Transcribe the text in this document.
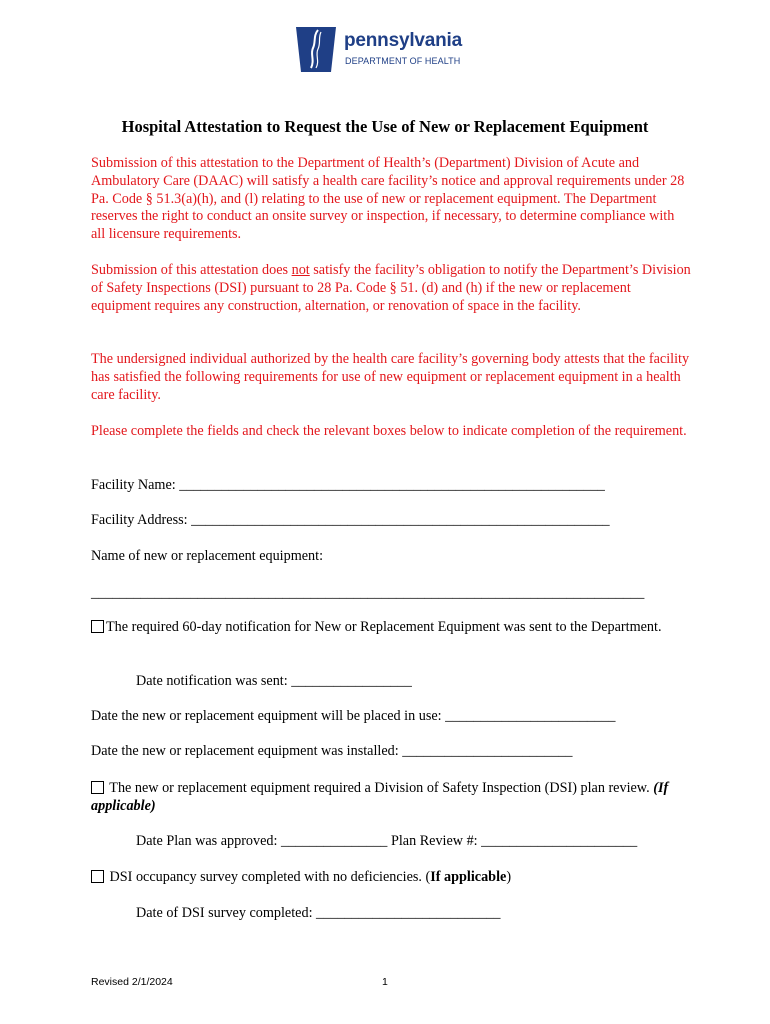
pennsylvania
DEPARTMENT OF HEALTH
Hospital Attestation to Request the Use of New or Replacement Equipment
Submission of this attestation to the Department of Health’s (Department) Division of Acute and Ambulatory Care (DAAC) will satisfy a health care facility’s notice and approval requirements under 28 Pa. Code § 51.3(a)(h), and (l) relating to the use of new or replacement equipment. The Department reserves the right to conduct an onsite survey or inspection, if necessary, to determine compliance with all licensure requirements.
Submission of this attestation does not satisfy the facility’s obligation to notify the Department’s Division of Safety Inspections (DSI) pursuant to 28 Pa. Code § 51. (d) and (h) if the new or replacement equipment requires any construction, alternation, or renovation of space in the facility.
The undersigned individual authorized by the health care facility’s governing body attests that the facility has satisfied the following requirements for use of new equipment or replacement equipment in a health care facility.
Please complete the fields and check the relevant boxes below to indicate completion of the requirement.
Facility Name: ____________________________________________________________
Facility Address: ___________________________________________________________
Name of new or replacement equipment:
______________________________________________________________________________
The required 60-day notification for New or Replacement Equipment was sent to the Department.
Date notification was sent: _________________
Date the new or replacement equipment will be placed in use: ________________________
Date the new or replacement equipment was installed: ________________________
The new or replacement equipment required a Division of Safety Inspection (DSI) plan review. (If applicable)
Date Plan was approved: _______________ Plan Review #: ______________________
DSI occupancy survey completed with no deficiencies. (If applicable)
Date of DSI survey completed: __________________________
Revised 2/1/2024	1
